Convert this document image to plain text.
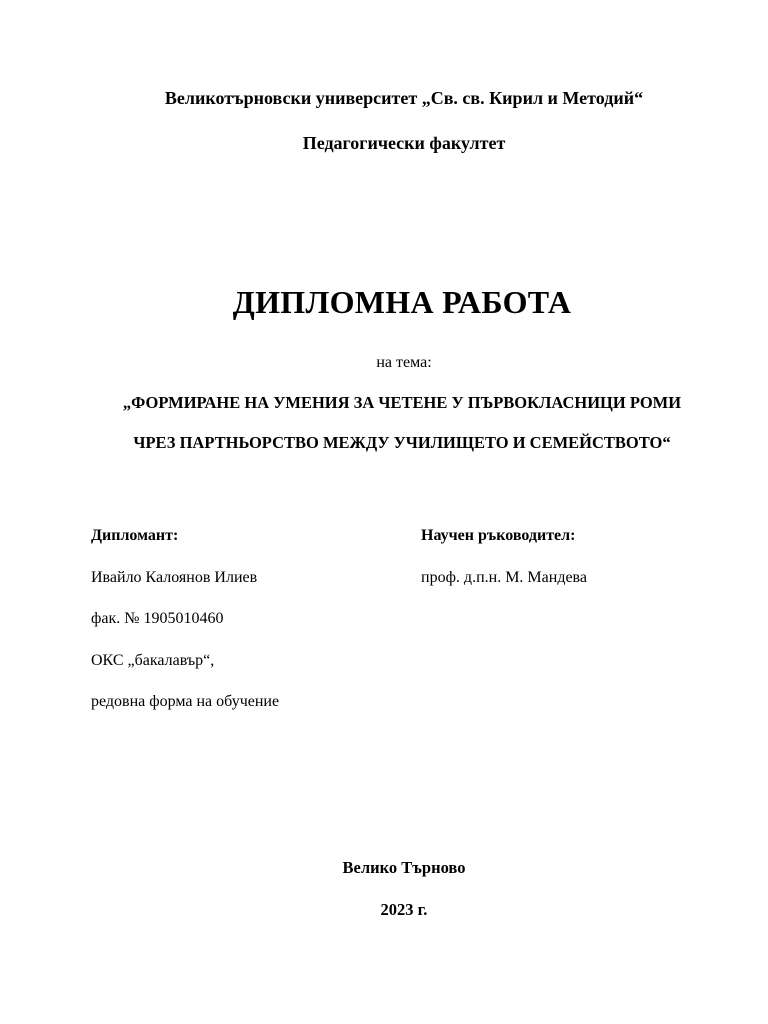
Великотърновски университет „Св. св. Кирил и Методий“
Педагогически факултет
ДИПЛОМНА РАБОТА
на тема:
„ФОРМИРАНЕ НА УМЕНИЯ ЗА ЧЕТЕНЕ У ПЪРВОКЛАСНИЦИ РОМИ
ЧРЕЗ ПАРТНЬОРСТВО МЕЖДУ УЧИЛИЩЕТО И СЕМЕЙСТВОТО“
Дипломант:
Ивайло Калоянов Илиев
фак. № 1905010460
ОКС „бакалавър“,
редовна форма на обучение
Научен ръководител:
проф. д.п.н. М. Мандева
Велико Търново
2023 г.
